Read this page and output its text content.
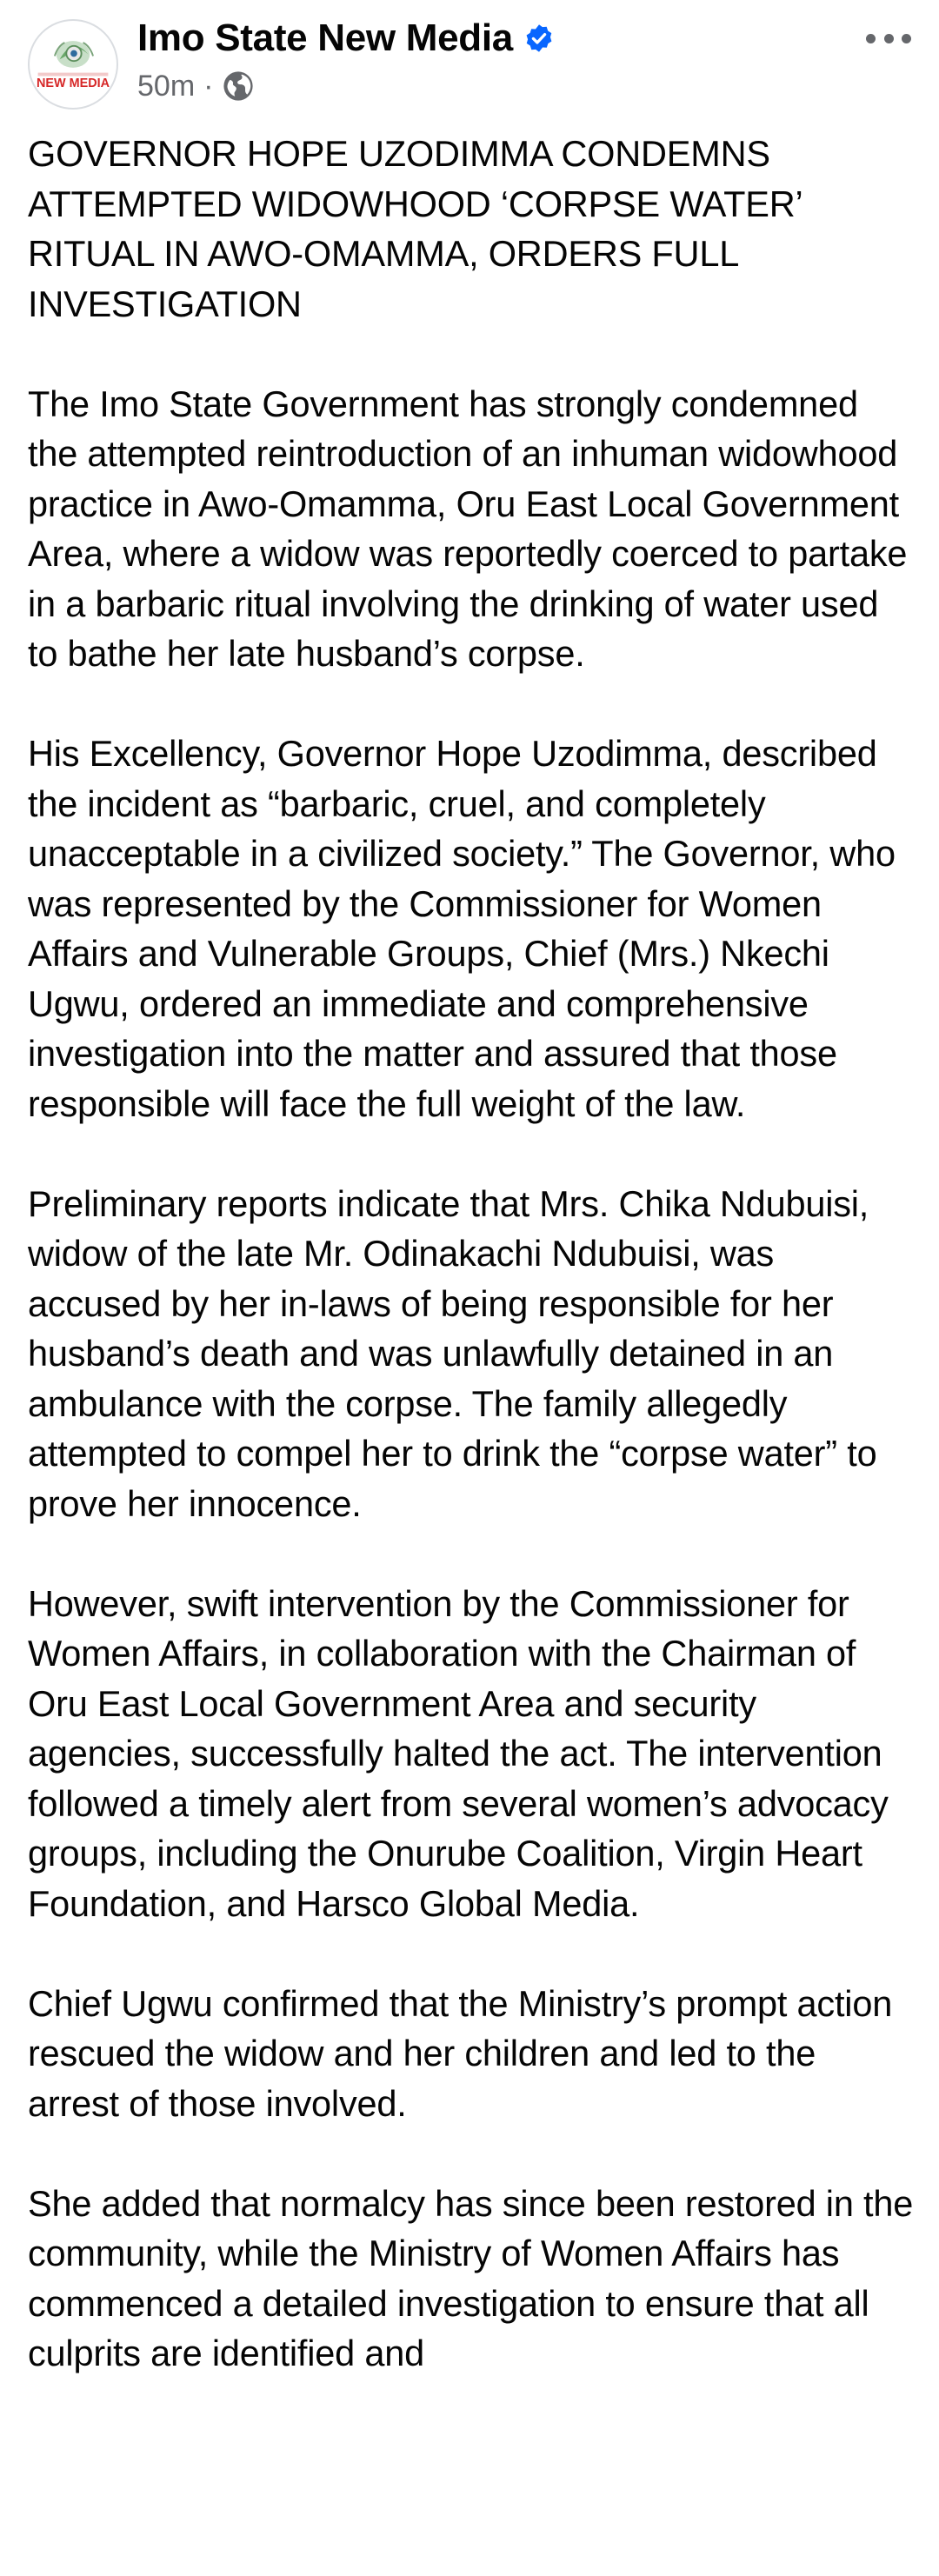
NEW MEDIA
Imo State New Media
50m ·

GOVERNOR HOPE UZODIMMA CONDEMNS ATTEMPTED WIDOWHOOD ‘CORPSE WATER’ RITUAL IN AWO-OMAMMA, ORDERS FULL INVESTIGATION

The Imo State Government has strongly condemned the attempted reintroduction of an inhuman widowhood practice in Awo-Omamma, Oru East Local Government Area, where a widow was reportedly coerced to partake in a barbaric ritual involving the drinking of water used to bathe her late husband’s corpse.

His Excellency, Governor Hope Uzodimma, described the incident as “barbaric, cruel, and completely unacceptable in a civilized society.” The Governor, who was represented by the Commissioner for Women Affairs and Vulnerable Groups, Chief (Mrs.) Nkechi Ugwu, ordered an immediate and comprehensive investigation into the matter and assured that those responsible will face the full weight of the law.

Preliminary reports indicate that Mrs. Chika Ndubuisi, widow of the late Mr. Odinakachi Ndubuisi, was accused by her in-laws of being responsible for her husband’s death and was unlawfully detained in an ambulance with the corpse. The family allegedly attempted to compel her to drink the “corpse water” to prove her innocence.

However, swift intervention by the Commissioner for Women Affairs, in collaboration with the Chairman of Oru East Local Government Area and security agencies, successfully halted the act. The intervention followed a timely alert from several women’s advocacy groups, including the Onurube Coalition, Virgin Heart Foundation, and Harsco Global Media.

Chief Ugwu confirmed that the Ministry’s prompt action rescued the widow and her children and led to the arrest of those involved.

She added that normalcy has since been restored in the community, while the Ministry of Women Affairs has commenced a detailed investigation to ensure that all culprits are identified and
